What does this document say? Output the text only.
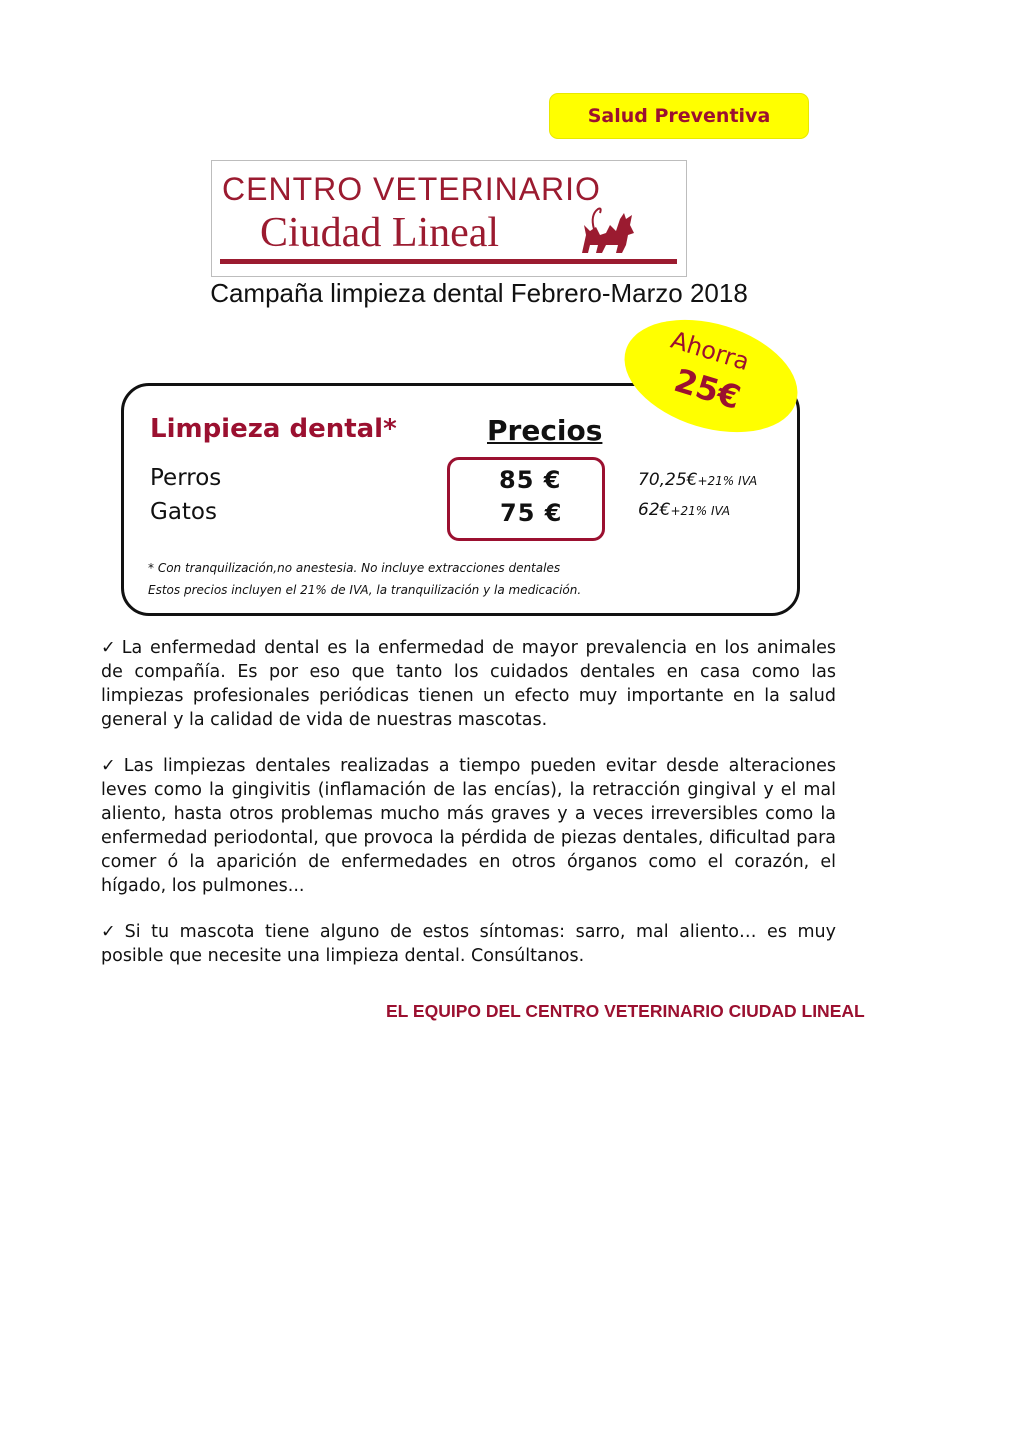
Salud Preventiva
CENTRO VETERINARIO
Ciudad Lineal
Campaña limpieza dental Febrero-Marzo 2018
Limpieza dental*	Precios
Perros
Gatos
85 €
75 €
70,25€+21% IVA
62€+21% IVA
* Con tranquilización,no anestesia. No incluye extracciones dentales
Estos precios incluyen el 21% de IVA, la tranquilización y la medicación.
Ahorra
25€
✓ La enfermedad dental es la enfermedad de mayor prevalencia en los animales de compañía. Es por eso que tanto los cuidados dentales en casa como las limpiezas profesionales periódicas tienen un efecto muy importante en la salud general y la calidad de vida de nuestras mascotas.
✓ Las limpiezas dentales realizadas a tiempo pueden evitar desde alteraciones leves como la gingivitis (inflamación de las encías), la retracción gingival y el mal aliento, hasta otros problemas mucho más graves y a veces irreversibles como la enfermedad periodontal, que provoca la pérdida de piezas dentales, dificultad para comer ó la aparición de enfermedades en otros órganos como el corazón, el hígado, los pulmones...
✓ Si tu mascota tiene alguno de estos síntomas: sarro, mal aliento… es muy posible que necesite una limpieza dental. Consúltanos.
EL EQUIPO DEL CENTRO VETERINARIO CIUDAD LINEAL
